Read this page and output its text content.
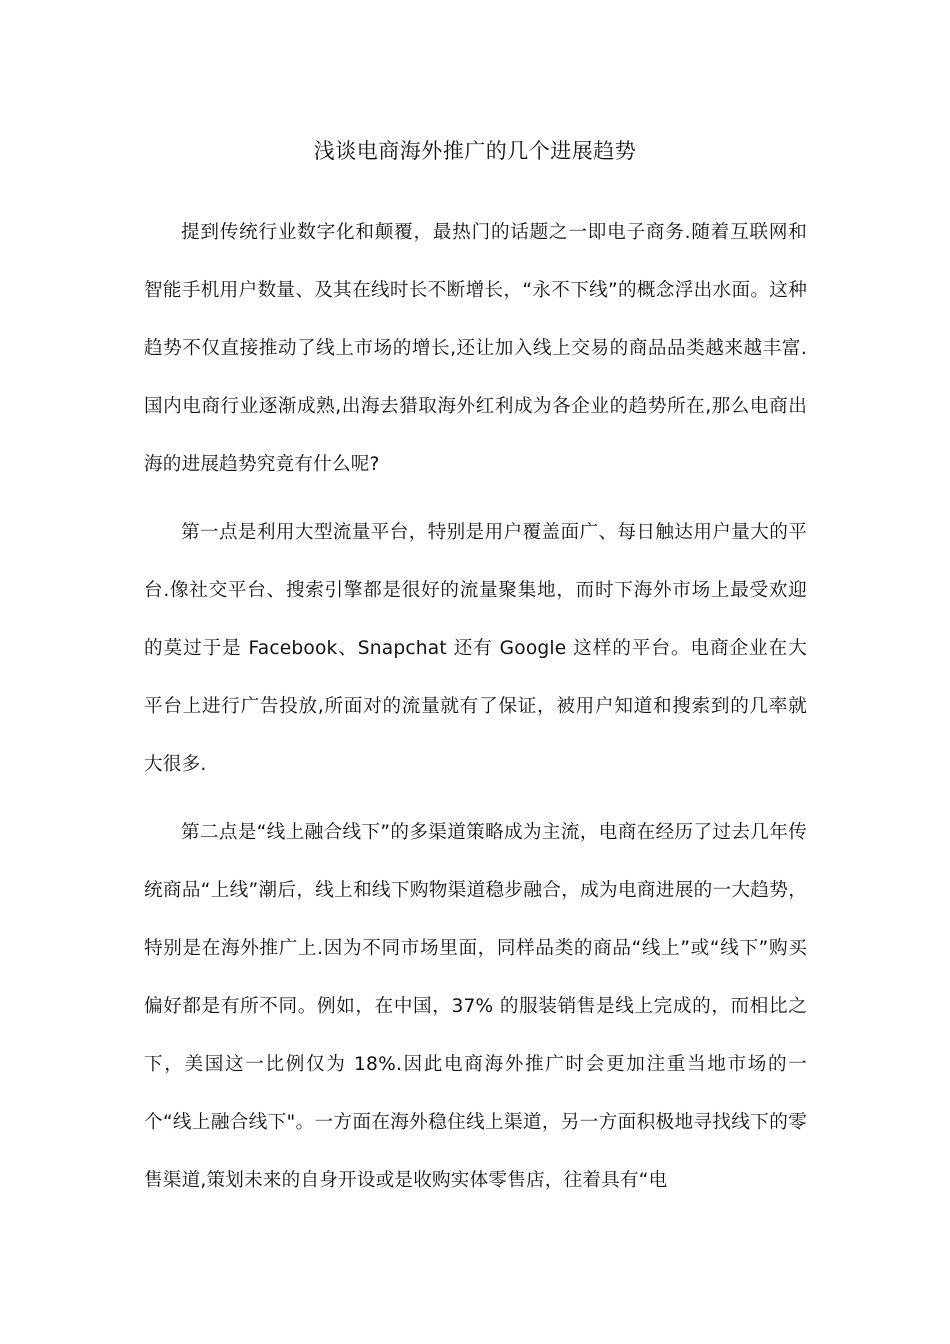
浅谈电商海外推广的几个进展趋势

提到传统行业数字化和颠覆，最热门的话题之一即电子商务.随着互联网和智能手机用户数量、及其在线时长不断增长，“永不下线”的概念浮出水面。这种趋势不仅直接推动了线上市场的增长,还让加入线上交易的商品品类越来越丰富.国内电商行业逐渐成熟,出海去猎取海外红利成为各企业的趋势所在,那么电商出海的进展趋势究竟有什么呢?

第一点是利用大型流量平台，特别是用户覆盖面广、每日触达用户量大的平台.像社交平台、搜索引擎都是很好的流量聚集地，而时下海外市场上最受欢迎的莫过于是 Facebook、Snapchat 还有 Google 这样的平台。电商企业在大平台上进行广告投放,所面对的流量就有了保证，被用户知道和搜索到的几率就大很多.

第二点是“线上融合线下”的多渠道策略成为主流，电商在经历了过去几年传统商品“上线”潮后，线上和线下购物渠道稳步融合，成为电商进展的一大趋势，特别是在海外推广上.因为不同市场里面，同样品类的商品“线上”或“线下”购买偏好都是有所不同。例如，在中国，37% 的服装销售是线上完成的，而相比之下，美国这一比例仅为 18%.因此电商海外推广时会更加注重当地市场的一个“线上融合线下"。一方面在海外稳住线上渠道，另一方面积极地寻找线下的零售渠道,策划未来的自身开设或是收购实体零售店，往着具有“电
